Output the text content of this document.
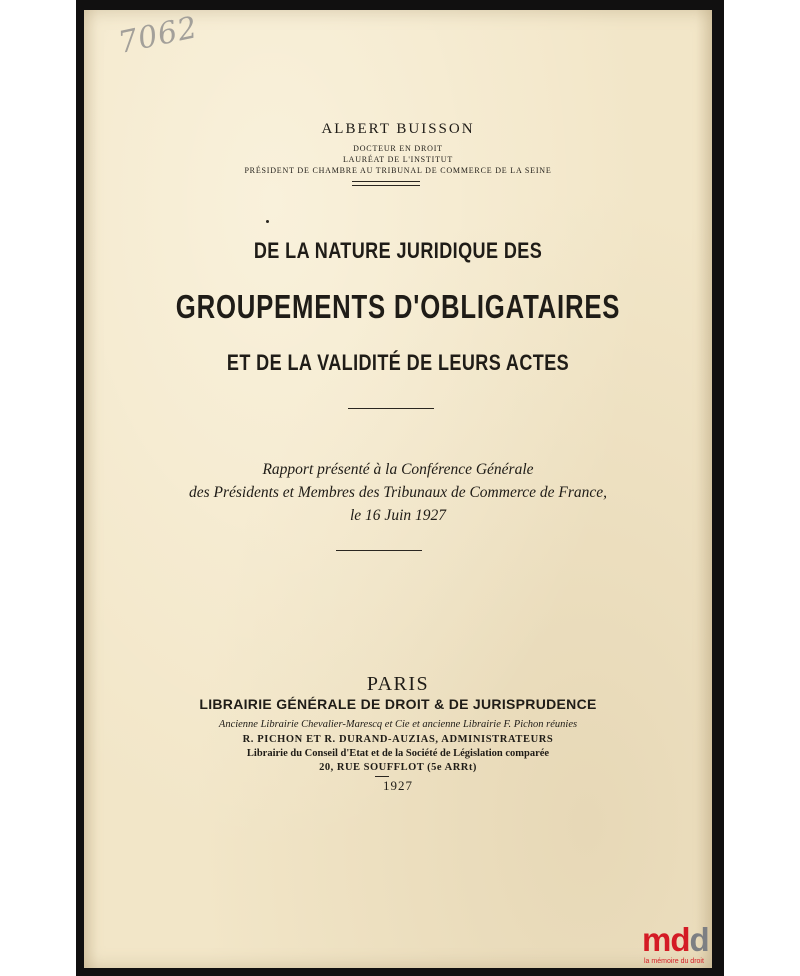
7062
ALBERT BUISSON
DOCTEUR EN DROIT
LAURÉAT DE L'INSTITUT
PRÉSIDENT DE CHAMBRE AU TRIBUNAL DE COMMERCE DE LA SEINE
DE LA NATURE JURIDIQUE DES
GROUPEMENTS D'OBLIGATAIRES
ET DE LA VALIDITÉ DE LEURS ACTES
Rapport présenté à la Conférence Générale
des Présidents et Membres des Tribunaux de Commerce de France,
le 16 Juin 1927
PARIS
LIBRAIRIE GÉNÉRALE DE DROIT & DE JURISPRUDENCE
Ancienne Librairie Chevalier-Marescq et Cie et ancienne Librairie F. Pichon réunies
R. PICHON ET R. DURAND-AUZIAS, ADMINISTRATEURS
Librairie du Conseil d'Etat et de la Société de Législation comparée
20, RUE SOUFFLOT (5e ARRt)
1927
mdd
la mémoire du droit
